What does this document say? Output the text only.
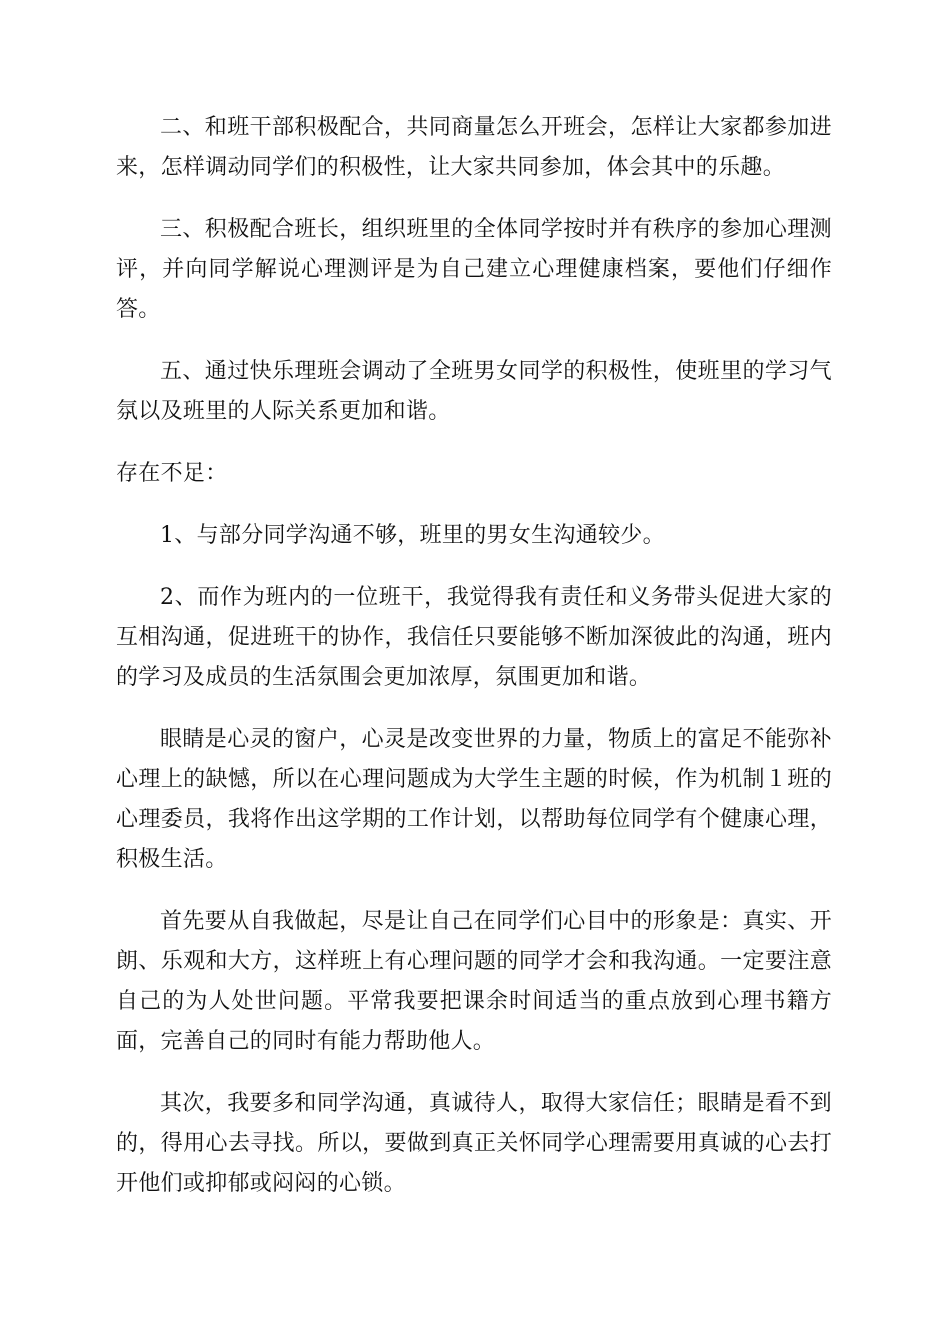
二、和班干部积极配合，共同商量怎么开班会，怎样让大家都参加进来，怎样调动同学们的积极性，让大家共同参加，体会其中的乐趣。

三、积极配合班长，组织班里的全体同学按时并有秩序的参加心理测评，并向同学解说心理测评是为自己建立心理健康档案，要他们仔细作答。

五、通过快乐理班会调动了全班男女同学的积极性，使班里的学习气氛以及班里的人际关系更加和谐。

存在不足：

1、与部分同学沟通不够，班里的男女生沟通较少。

2、而作为班内的一位班干，我觉得我有责任和义务带头促进大家的互相沟通，促进班干的协作，我信任只要能够不断加深彼此的沟通，班内的学习及成员的生活氛围会更加浓厚，氛围更加和谐。

眼睛是心灵的窗户，心灵是改变世界的力量，物质上的富足不能弥补心理上的缺憾，所以在心理问题成为大学生主题的时候，作为机制１班的心理委员，我将作出这学期的工作计划，以帮助每位同学有个健康心理，积极生活。

首先要从自我做起，尽是让自己在同学们心目中的形象是：真实、开朗、乐观和大方，这样班上有心理问题的同学才会和我沟通。一定要注意自己的为人处世问题。平常我要把课余时间适当的重点放到心理书籍方面，完善自己的同时有能力帮助他人。

其次，我要多和同学沟通，真诚待人，取得大家信任；眼睛是看不到的，得用心去寻找。所以，要做到真正关怀同学心理需要用真诚的心去打开他们或抑郁或闷闷的心锁。
